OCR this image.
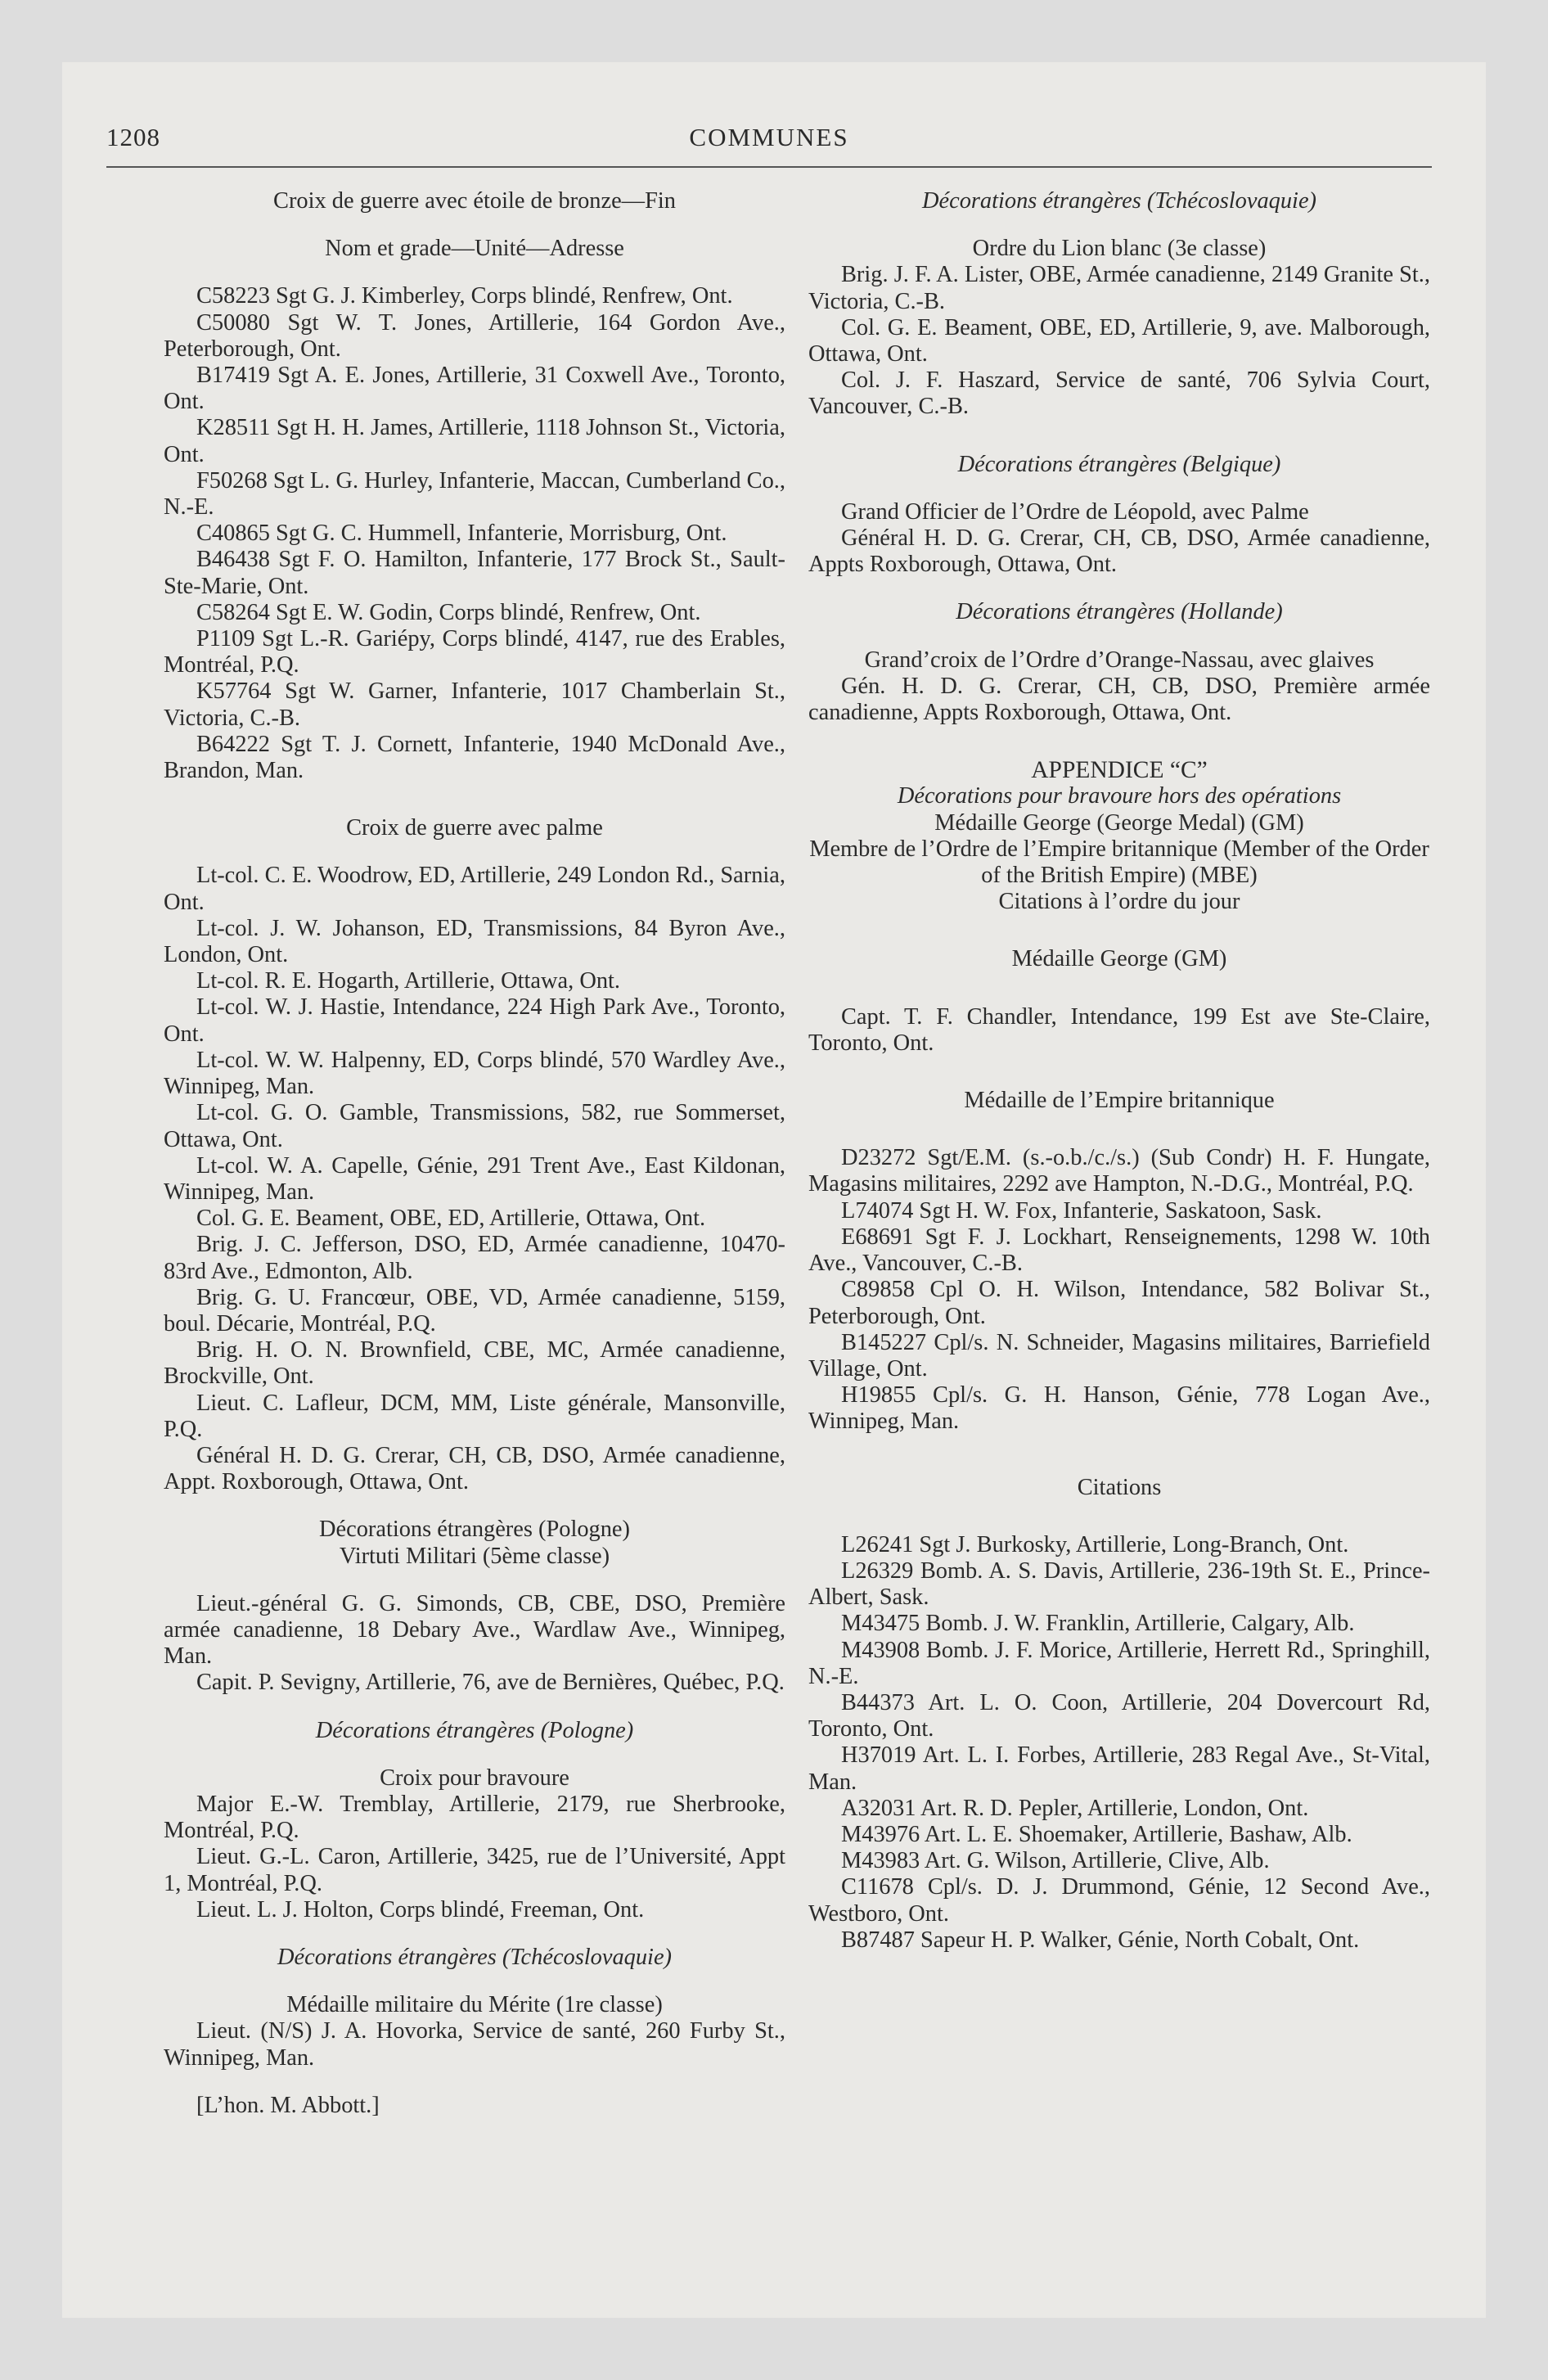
1208	COMMUNES
Croix de guerre avec étoile de bronze—Fin
Nom et grade—Unité—Adresse
C58223 Sgt G. J. Kimberley, Corps blindé, Renfrew, Ont.
C50080 Sgt W. T. Jones, Artillerie, 164 Gordon Ave., Peterborough, Ont.
B17419 Sgt A. E. Jones, Artillerie, 31 Coxwell Ave., Toronto, Ont.
K28511 Sgt H. H. James, Artillerie, 1118 Johnson St., Victoria, Ont.
F50268 Sgt L. G. Hurley, Infanterie, Maccan, Cumberland Co., N.-E.
C40865 Sgt G. C. Hummell, Infanterie, Morrisburg, Ont.
B46438 Sgt F. O. Hamilton, Infanterie, 177 Brock St., Sault-Ste-Marie, Ont.
C58264 Sgt E. W. Godin, Corps blindé, Renfrew, Ont.
P1109 Sgt L.-R. Gariépy, Corps blindé, 4147, rue des Erables, Montréal, P.Q.
K57764 Sgt W. Garner, Infanterie, 1017 Chamberlain St., Victoria, C.-B.
B64222 Sgt T. J. Cornett, Infanterie, 1940 McDonald Ave., Brandon, Man.
Croix de guerre avec palme
Lt-col. C. E. Woodrow, ED, Artillerie, 249 London Rd., Sarnia, Ont.
Lt-col. J. W. Johanson, ED, Transmissions, 84 Byron Ave., London, Ont.
Lt-col. R. E. Hogarth, Artillerie, Ottawa, Ont.
Lt-col. W. J. Hastie, Intendance, 224 High Park Ave., Toronto, Ont.
Lt-col. W. W. Halpenny, ED, Corps blindé, 570 Wardley Ave., Winnipeg, Man.
Lt-col. G. O. Gamble, Transmissions, 582, rue Sommerset, Ottawa, Ont.
Lt-col. W. A. Capelle, Génie, 291 Trent Ave., East Kildonan, Winnipeg, Man.
Col. G. E. Beament, OBE, ED, Artillerie, Ottawa, Ont.
Brig. J. C. Jefferson, DSO, ED, Armée canadienne, 10470-83rd Ave., Edmonton, Alb.
Brig. G. U. Francœur, OBE, VD, Armée canadienne, 5159, boul. Décarie, Montréal, P.Q.
Brig. H. O. N. Brownfield, CBE, MC, Armée canadienne, Brockville, Ont.
Lieut. C. Lafleur, DCM, MM, Liste générale, Mansonville, P.Q.
Général H. D. G. Crerar, CH, CB, DSO, Armée canadienne, Appt. Roxborough, Ottawa, Ont.
Décorations étrangères (Pologne)
Virtuti Militari (5ème classe)
Lieut.-général G. G. Simonds, CB, CBE, DSO, Première armée canadienne, 18 Debary Ave., Wardlaw Ave., Winnipeg, Man.
Capit. P. Sevigny, Artillerie, 76, ave de Bernières, Québec, P.Q.
Décorations étrangères (Pologne)
Croix pour bravoure
Major E.-W. Tremblay, Artillerie, 2179, rue Sherbrooke, Montréal, P.Q.
Lieut. G.-L. Caron, Artillerie, 3425, rue de l’Université, Appt 1, Montréal, P.Q.
Lieut. L. J. Holton, Corps blindé, Freeman, Ont.
Décorations étrangères (Tchécoslovaquie)
Médaille militaire du Mérite (1re classe)
Lieut. (N/S) J. A. Hovorka, Service de santé, 260 Furby St., Winnipeg, Man.
[L’hon. M. Abbott.]
Décorations étrangères (Tchécoslovaquie)
Ordre du Lion blanc (3e classe)
Brig. J. F. A. Lister, OBE, Armée canadienne, 2149 Granite St., Victoria, C.-B.
Col. G. E. Beament, OBE, ED, Artillerie, 9, ave. Malborough, Ottawa, Ont.
Col. J. F. Haszard, Service de santé, 706 Sylvia Court, Vancouver, C.-B.
Décorations étrangères (Belgique)
Grand Officier de l’Ordre de Léopold, avec Palme
Général H. D. G. Crerar, CH, CB, DSO, Armée canadienne, Appts Roxborough, Ottawa, Ont.
Décorations étrangères (Hollande)
Grand’croix de l’Ordre d’Orange-Nassau, avec glaives
Gén. H. D. G. Crerar, CH, CB, DSO, Première armée canadienne, Appts Roxborough, Ottawa, Ont.
APPENDICE “C”
Décorations pour bravoure hors des opérations
Médaille George (George Medal) (GM)
Membre de l’Ordre de l’Empire britannique (Member of the Order of the British Empire) (MBE)
Citations à l’ordre du jour
Médaille George (GM)
Capt. T. F. Chandler, Intendance, 199 Est ave Ste-Claire, Toronto, Ont.
Médaille de l’Empire britannique
D23272 Sgt/E.M. (s.-o.b./c./s.) (Sub Condr) H. F. Hungate, Magasins militaires, 2292 ave Hampton, N.-D.G., Montréal, P.Q.
L74074 Sgt H. W. Fox, Infanterie, Saskatoon, Sask.
E68691 Sgt F. J. Lockhart, Renseignements, 1298 W. 10th Ave., Vancouver, C.-B.
C89858 Cpl O. H. Wilson, Intendance, 582 Bolivar St., Peterborough, Ont.
B145227 Cpl/s. N. Schneider, Magasins militaires, Barriefield Village, Ont.
H19855 Cpl/s. G. H. Hanson, Génie, 778 Logan Ave., Winnipeg, Man.
Citations
L26241 Sgt J. Burkosky, Artillerie, Long-Branch, Ont.
L26329 Bomb. A. S. Davis, Artillerie, 236-19th St. E., Prince-Albert, Sask.
M43475 Bomb. J. W. Franklin, Artillerie, Calgary, Alb.
M43908 Bomb. J. F. Morice, Artillerie, Herrett Rd., Springhill, N.-E.
B44373 Art. L. O. Coon, Artillerie, 204 Dovercourt Rd, Toronto, Ont.
H37019 Art. L. I. Forbes, Artillerie, 283 Regal Ave., St-Vital, Man.
A32031 Art. R. D. Pepler, Artillerie, London, Ont.
M43976 Art. L. E. Shoemaker, Artillerie, Bashaw, Alb.
M43983 Art. G. Wilson, Artillerie, Clive, Alb.
C11678 Cpl/s. D. J. Drummond, Génie, 12 Second Ave., Westboro, Ont.
B87487 Sapeur H. P. Walker, Génie, North Cobalt, Ont.
